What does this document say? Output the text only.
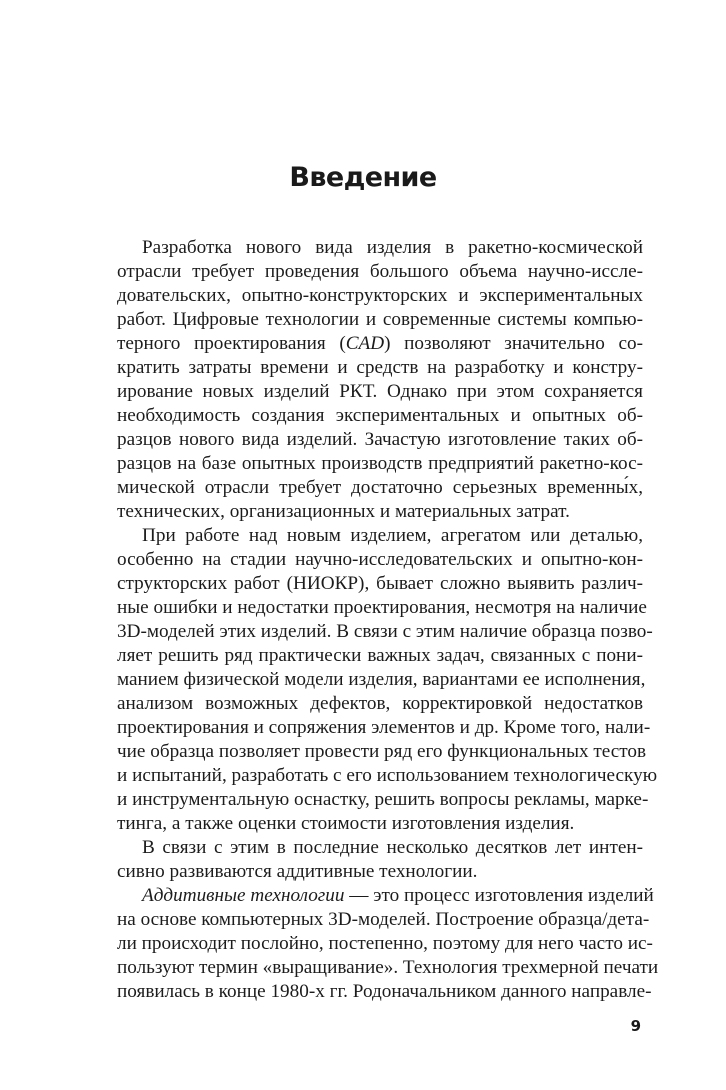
Введение
Разработка нового вида изделия в ракетно-космической
отрасли требует проведения большого объема научно-иссле-
довательских, опытно-конструкторских и экспериментальных
работ. Цифровые технологии и современные системы компью-
терного проектирования (CAD) позволяют значительно со-
кратить затраты времени и средств на разработку и констру-
ирование новых изделий РКТ. Однако при этом сохраняется
необходимость создания экспериментальных и опытных об-
разцов нового вида изделий. Зачастую изготовление таких об-
разцов на базе опытных производств предприятий ракетно-кос-
мической отрасли требует достаточно серьезных временны́х,
технических, организационных и материальных затрат.
При работе над новым изделием, агрегатом или деталью,
особенно на стадии научно-исследовательских и опытно-кон-
структорских работ (НИОКР), бывает сложно выявить различ-
ные ошибки и недостатки проектирования, несмотря на наличие
3D-моделей этих изделий. В связи с этим наличие образца позво-
ляет решить ряд практически важных задач, связанных с пони-
манием физической модели изделия, вариантами ее исполнения,
анализом возможных дефектов, корректировкой недостатков
проектирования и сопряжения элементов и др. Кроме того, нали-
чие образца позволяет провести ряд его функциональных тестов
и испытаний, разработать с его использованием технологическую
и инструментальную оснастку, решить вопросы рекламы, марке-
тинга, а также оценки стоимости изготовления изделия.
В связи с этим в последние несколько десятков лет интен-
сивно развиваются аддитивные технологии.
Аддитивные технологии — это процесс изготовления изделий
на основе компьютерных 3D-моделей. Построение образца/дета-
ли происходит послойно, постепенно, поэтому для него часто ис-
пользуют термин «выращивание». Технология трехмерной печати
появилась в конце 1980-х гг. Родоначальником данного направле-
9
